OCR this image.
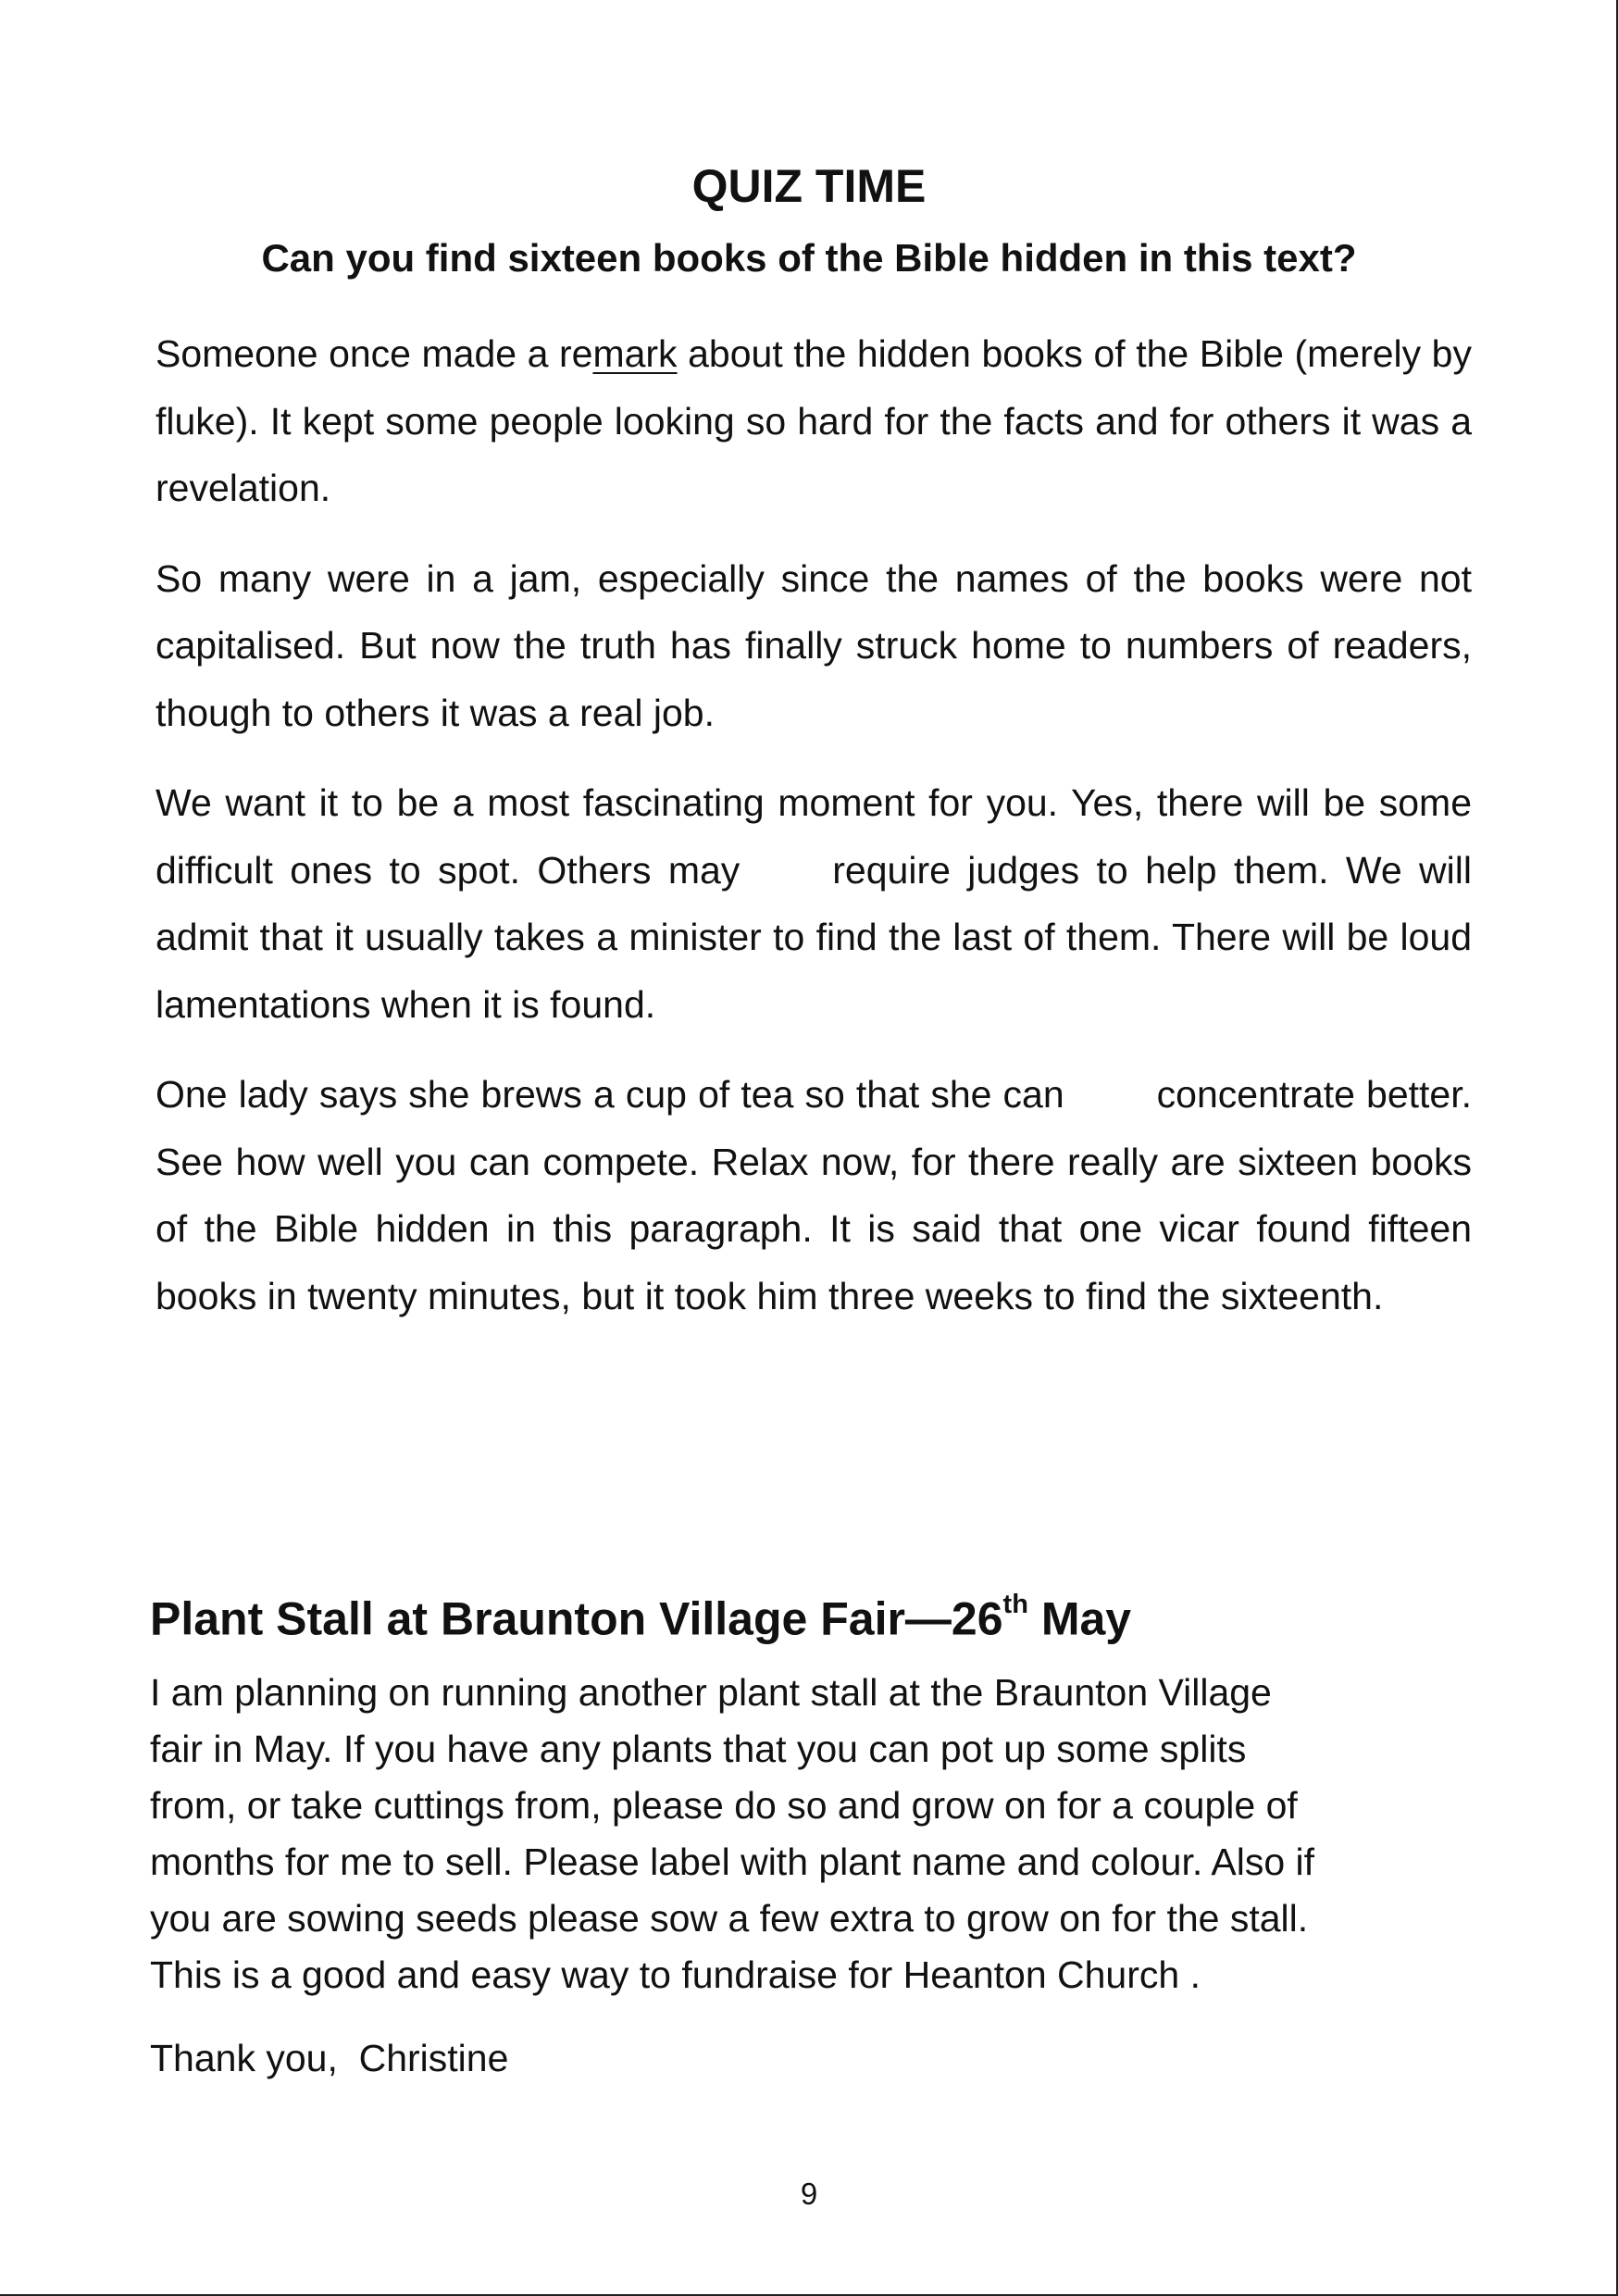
QUIZ TIME
Can you find sixteen books of the Bible hidden in this text?

Someone once made a remark about the hidden books of the Bible (merely by fluke). It kept some people looking so hard for the facts and for others it was a revelation.

So many were in a jam, especially since the names of the books were not capitalised. But now the truth has finally struck home to numbers of readers, though to others it was a real job.

We want it to be a most fascinating moment for you. Yes, there will be some difficult ones to spot. Others may require judges to help them. We will admit that it usually takes a minister to find the last of them. There will be loud lamentations when it is found.

One lady says she brews a cup of tea so that she can concentrate better. See how well you can compete. Relax now, for there really are sixteen books of the Bible hidden in this paragraph. It is said that one vicar found fifteen books in twenty minutes, but it took him three weeks to find the sixteenth.

Plant Stall at Braunton Village Fair—26th May

I am planning on running another plant stall at the Braunton Village
fair in May. If you have any plants that you can pot up some splits
from, or take cuttings from, please do so and grow on for a couple of
months for me to sell. Please label with plant name and colour. Also if
you are sowing seeds please sow a few extra to grow on for the stall.
This is a good and easy way to fundraise for Heanton Church .

Thank you,  Christine

9
